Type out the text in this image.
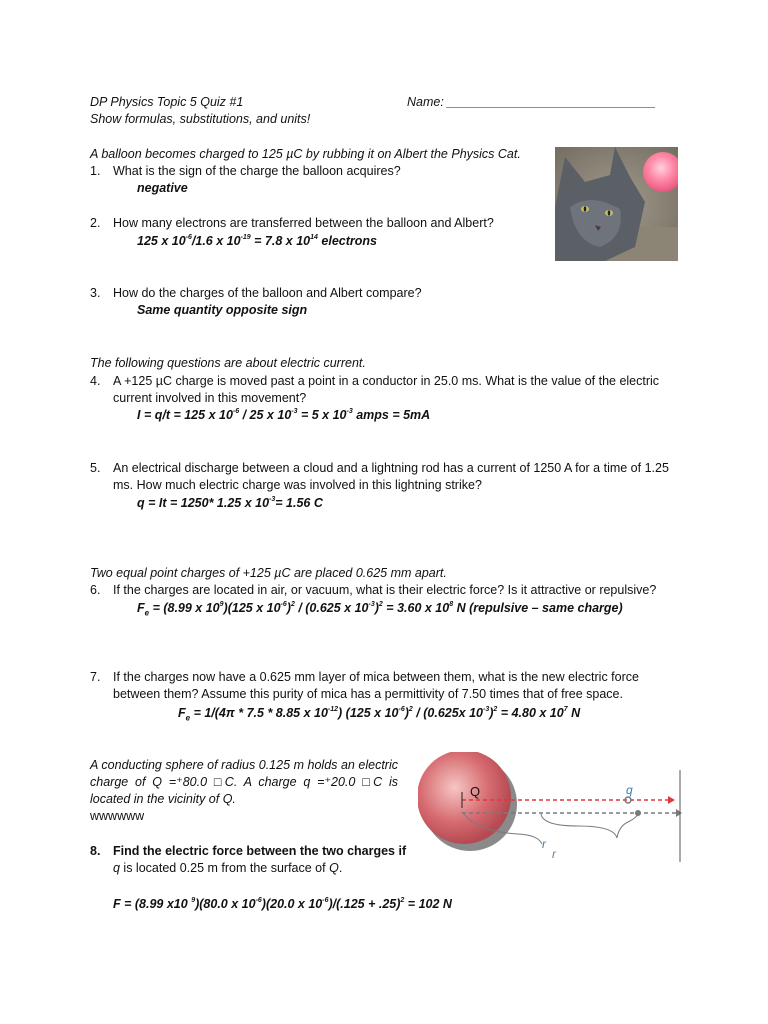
DP Physics Topic 5 Quiz #1	Name: ______________________________
Show formulas, substitutions, and units!
A balloon becomes charged to 125 µC by rubbing it on Albert the Physics Cat.
1. What is the sign of the charge the balloon acquires?
negative
2. How many electrons are transferred between the balloon and Albert?
125 x $10^{-6}/1.6$ x $10^{-19} = 7.8$ x $10^{14}$ electrons
3. How do the charges of the balloon and Albert compare?
Same quantity opposite sign
The following questions are about electric current.
4. A +125 µC charge is moved past a point in a conductor in 25.0 ms. What is the value of the electric current involved in this movement?
I = q/t = 125 x $10^{-6} / 25$ x $10^{-3} = 5$ x $10^{-3}$ amps = 5mA
5. An electrical discharge between a cloud and a lightning rod has a current of 1250 A for a time of 1.25 ms. How much electric charge was involved in this lightning strike?
q = It = 1250* 1.25 x $10^{-3}= 1.56$ C
Two equal point charges of +125 µC are placed 0.625 mm apart.
6. If the charges are located in air, or vacuum, what is their electric force? Is it attractive or repulsive?
$F_e = (8.99$ x $10^9)(125$ x $10^{-6})^2 / (0.625$ x $10^{-3})^2 = 3.60$ x $10^8$ N (repulsive – same charge)
7. If the charges now have a 0.625 mm layer of mica between them, what is the new electric force between them? Assume this purity of mica has a permittivity of 7.50 times that of free space.
$F_e = 1/(4\pi * 7.5 * 8.85$ x $10^{-12}$) (125 x $10^{-6})^2 / (0.625x$ $10^{-3})^2 = 4.80$ x $10^7$ N
A conducting sphere of radius 0.125 m holds an electric charge of Q =⁺80.0 □C. A charge q =⁺20.0 □C is located in the vicinity of Q.
wwwwww
8. Find the electric force between the two charges if
q is located 0.25 m from the surface of Q.
F = (8.99 x10 $^9$)(80.0 x $10^{-6})(20.0$ x $10^{-6})/(.125 + .25)^2 = 102$ N
Q	q
r
r
